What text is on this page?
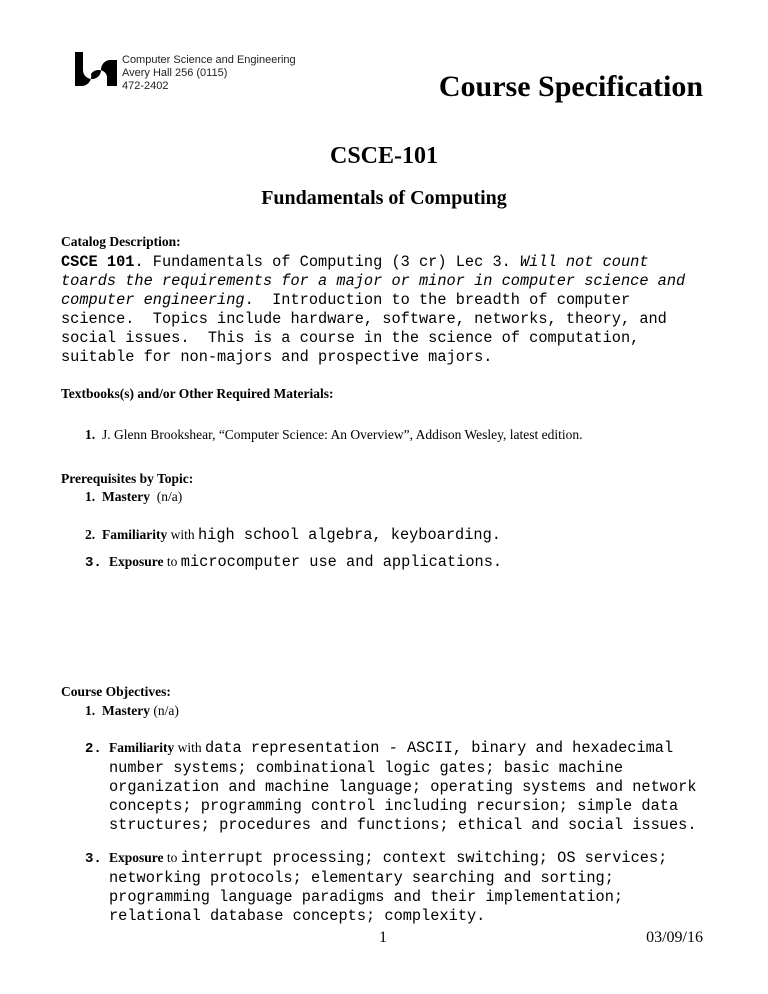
Computer Science and Engineering
Avery Hall 256 (0115)
472-2402	Course Specification
CSCE-101
Fundamentals of Computing
Catalog Description:
CSCE 101. Fundamentals of Computing (3 cr) Lec 3. Will not count
toards the requirements for a major or minor in computer science and
computer engineering.  Introduction to the breadth of computer
science.  Topics include hardware, software, networks, theory, and
social issues.  This is a course in the science of computation,
suitable for non-majors and prospective majors.
Textbooks(s) and/or Other Required Materials:
1. J. Glenn Brookshear, “Computer Science: An Overview”, Addison Wesley, latest edition.
Prerequisites by Topic:
1. Mastery (n/a)
2. Familiarity with high school algebra, keyboarding.
3. Exposure to microcomputer use and applications.
Course Objectives:
1. Mastery (n/a)
2. Familiarity with data representation - ASCII, binary and hexadecimal
number systems; combinational logic gates; basic machine
organization and machine language; operating systems and network
concepts; programming control including recursion; simple data
structures; procedures and functions; ethical and social issues.
3. Exposure to interrupt processing; context switching; OS services;
networking protocols; elementary searching and sorting;
programming language paradigms and their implementation;
relational database concepts; complexity.
1	03/09/16
